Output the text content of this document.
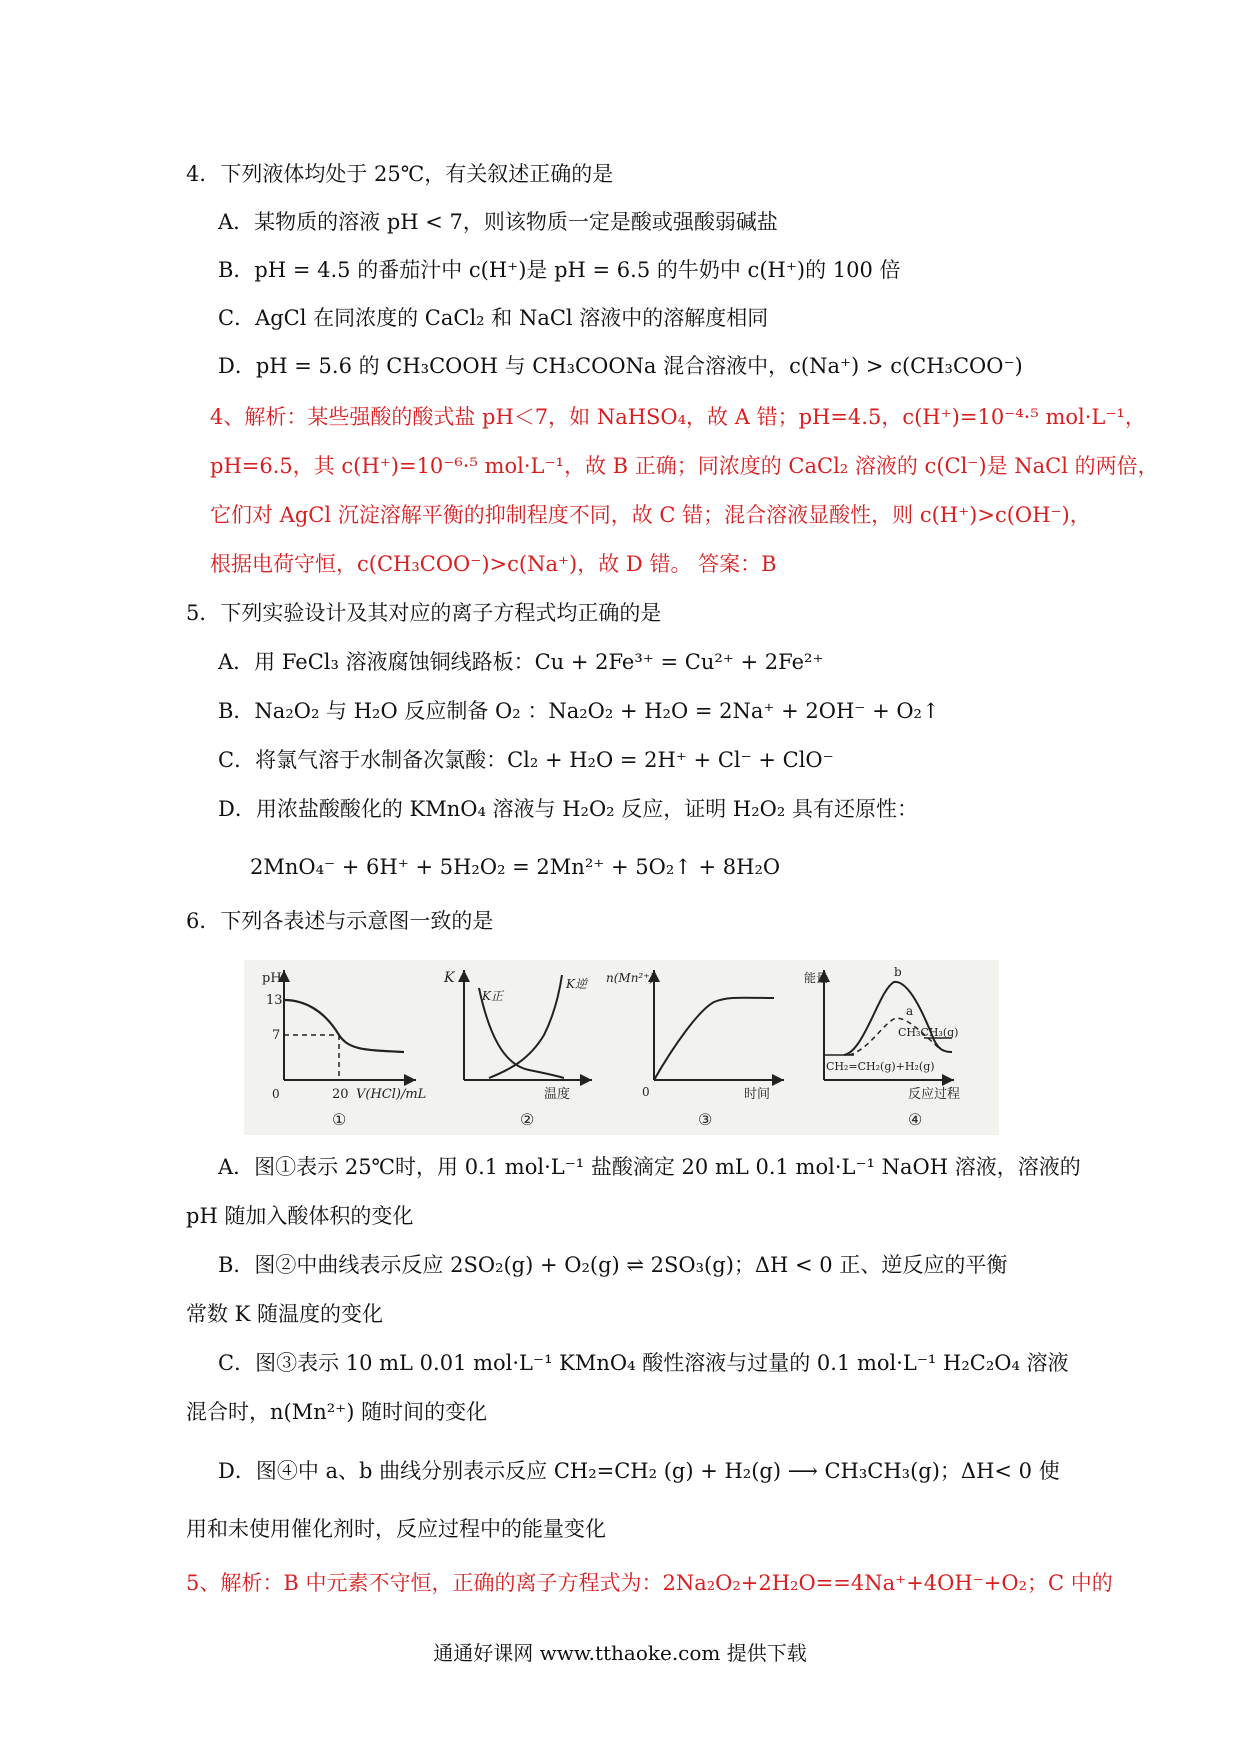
4．下列液体均处于 25℃，有关叙述正确的是
A．某物质的溶液 pH < 7，则该物质一定是酸或强酸弱碱盐
B．pH = 4.5 的番茄汁中 c(H⁺)是 pH = 6.5 的牛奶中 c(H⁺)的 100 倍
C．AgCl 在同浓度的 CaCl₂ 和 NaCl 溶液中的溶解度相同
D．pH = 5.6 的 CH₃COOH 与 CH₃COONa 混合溶液中，c(Na⁺) > c(CH₃COO⁻)
4、解析：某些强酸的酸式盐 pH＜7，如 NaHSO₄，故 A 错；pH=4.5，c(H⁺)=10⁻⁴·⁵ mol·L⁻¹，
pH=6.5，其 c(H⁺)=10⁻⁶·⁵ mol·L⁻¹，故 B 正确；同浓度的 CaCl₂ 溶液的 c(Cl⁻)是 NaCl 的两倍，
它们对 AgCl 沉淀溶解平衡的抑制程度不同，故 C 错；混合溶液显酸性，则 c(H⁺)>c(OH⁻)，
根据电荷守恒，c(CH₃COO⁻)>c(Na⁺)，故 D 错。 答案：B
5．下列实验设计及其对应的离子方程式均正确的是
A．用 FeCl₃ 溶液腐蚀铜线路板：Cu + 2Fe³⁺ = Cu²⁺ + 2Fe²⁺
B．Na₂O₂ 与 H₂O 反应制备 O₂ ：Na₂O₂ + H₂O = 2Na⁺ + 2OH⁻ + O₂↑
C．将氯气溶于水制备次氯酸：Cl₂ + H₂O = 2H⁺ + Cl⁻ + ClO⁻
D．用浓盐酸酸化的 KMnO₄ 溶液与 H₂O₂ 反应，证明 H₂O₂ 具有还原性：
2MnO₄⁻ + 6H⁺ + 5H₂O₂ = 2Mn²⁺ + 5O₂↑ + 8H₂O
6．下列各表述与示意图一致的是
pH
13
7
0	20 V(HCl)/mL
①
K
K正
K逆
温度
②
n(Mn²⁺)
0	时间
③
能量	b
a
CH₃CH₃(g)
CH₂=CH₂(g)+H₂(g)
反应过程
④
A．图①表示 25℃时，用 0.1 mol·L⁻¹ 盐酸滴定 20 mL 0.1 mol·L⁻¹ NaOH 溶液，溶液的
pH 随加入酸体积的变化
B．图②中曲线表示反应 2SO₂(g) + O₂(g) ⇌ 2SO₃(g)；ΔH < 0 正、逆反应的平衡
常数 K 随温度的变化
C．图③表示 10 mL 0.01 mol·L⁻¹ KMnO₄ 酸性溶液与过量的 0.1 mol·L⁻¹ H₂C₂O₄ 溶液
混合时，n(Mn²⁺) 随时间的变化
D．图④中 a、b 曲线分别表示反应 CH₂=CH₂ (g) + H₂(g) ⟶ CH₃CH₃(g)；ΔH< 0 使
用和未使用催化剂时，反应过程中的能量变化
5、解析：B 中元素不守恒，正确的离子方程式为：2Na₂O₂+2H₂O==4Na⁺+4OH⁻+O₂；C 中的
通通好课网 www.tthaoke.com 提供下载
